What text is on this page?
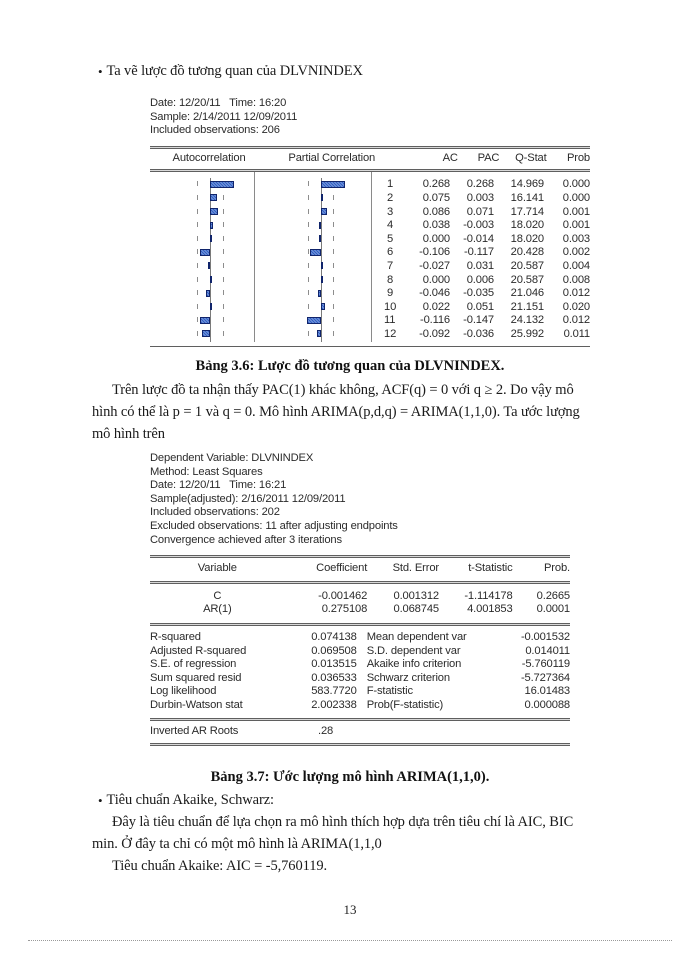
• Ta vẽ lược đồ tương quan của DLVNINDEX
Date: 12/20/11   Time: 16:20
Sample: 2/14/2011 12/09/2011
Included observations: 206
Autocorrelation	Partial Correlation	AC	PAC	Q-Stat	Prob
1	0.268	0.268	14.969	0.000
2	0.075	0.003	16.141	0.000
3	0.086	0.071	17.714	0.001
4	0.038	-0.003	18.020	0.001
5	0.000	-0.014	18.020	0.003
6	-0.106	-0.117	20.428	0.002
7	-0.027	0.031	20.587	0.004
8	0.000	0.006	20.587	0.008
9	-0.046	-0.035	21.046	0.012
10	0.022	0.051	21.151	0.020
11	-0.116	-0.147	24.132	0.012
12	-0.092	-0.036	25.992	0.011
Bảng 3.6: Lược đồ tương quan của DLVNINDEX.
Trên lược đồ ta nhận thấy PAC(1) khác không, ACF(q) = 0 với q ≥ 2. Do vậy mô
hình có thể là p = 1 và q = 0. Mô hình ARIMA(p,d,q) = ARIMA(1,1,0). Ta ước lượng
mô hình trên
Dependent Variable: DLVNINDEX
Method: Least Squares
Date: 12/20/11   Time: 16:21
Sample(adjusted): 2/16/2011 12/09/2011
Included observations: 202
Excluded observations: 11 after adjusting endpoints
Convergence achieved after 3 iterations
Variable	Coefficient	Std. Error	t-Statistic	Prob.
C	-0.001462	0.001312	-1.114178	0.2665
AR(1)	0.275108	0.068745	4.001853	0.0001
R-squared	0.074138 Mean dependent var	-0.001532
Adjusted R-squared	0.069508 S.D. dependent var	0.014011
S.E. of regression	0.013515 Akaike info criterion	-5.760119
Sum squared resid	0.036533 Schwarz criterion	-5.727364
Log likelihood	583.7720 F-statistic	16.01483
Durbin-Watson stat	2.002338 Prob(F-statistic)	0.000088
Inverted AR Roots	.28
Bảng 3.7: Ước lượng mô hình ARIMA(1,1,0).
• Tiêu chuẩn Akaike, Schwarz:
Đây là tiêu chuẩn để lựa chọn ra mô hình thích hợp dựa trên tiêu chí là AIC, BIC
min. Ở đây ta chỉ có một mô hình là ARIMA(1,1,0
Tiêu chuẩn Akaike: AIC = -5,760119.
13
